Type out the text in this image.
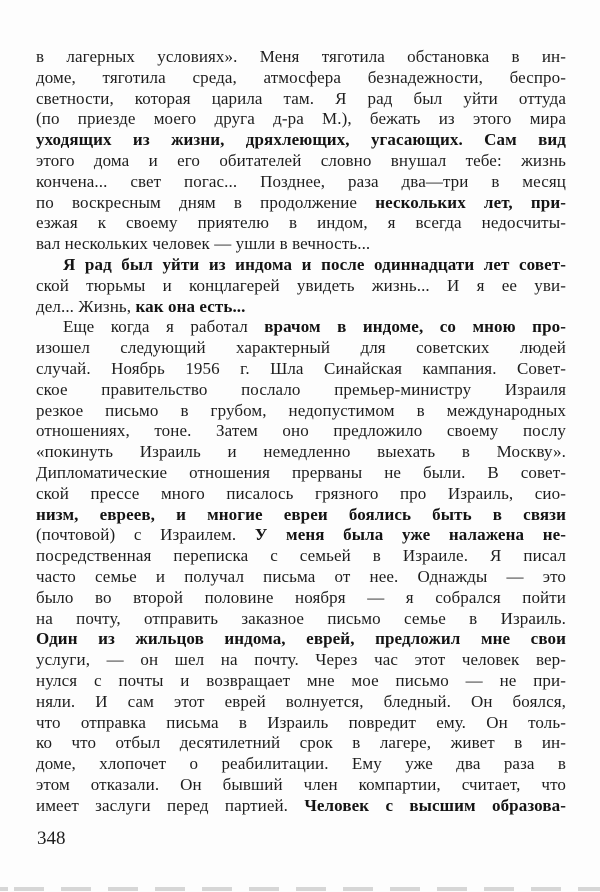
в лагерных условиях». Меня тяготила обстановка в ин-
доме, тяготила среда, атмосфера безнадежности, беспро-
светности, которая царила там. Я рад был уйти оттуда
(по приезде моего друга д-ра М.), бежать из этого мира
уходящих из жизни, дряхлеющих, угасающих. Сам вид
этого дома и его обитателей словно внушал тебе: жизнь
кончена... свет погас... Позднее, раза два—три в месяц
по воскресным дням в продолжение нескольких лет, при-
езжая к своему приятелю в индом, я всегда недосчиты-
вал нескольких человек — ушли в вечность...
Я рад был уйти из индома и после одиннадцати лет совет-
ской тюрьмы и концлагерей увидеть жизнь... И я ее уви-
дел... Жизнь, как она есть...
Еще когда я работал врачом в индоме, со мною про-
изошел следующий характерный для советских людей
случай. Ноябрь 1956 г. Шла Синайская кампания. Совет-
ское правительство послало премьер-министру Израиля
резкое письмо в грубом, недопустимом в международных
отношениях, тоне. Затем оно предложило своему послу
«покинуть Израиль и немедленно выехать в Москву».
Дипломатические отношения прерваны не были. В совет-
ской прессе много писалось грязного про Израиль, сио-
низм, евреев, и многие евреи боялись быть в связи
(почтовой) с Израилем. У меня была уже налажена не-
посредственная переписка с семьей в Израиле. Я писал
часто семье и получал письма от нее. Однажды — это
было во второй половине ноября — я собрался пойти
на почту, отправить заказное письмо семье в Израиль.
Один из жильцов индома, еврей, предложил мне свои
услуги, — он шел на почту. Через час этот человек вер-
нулся с почты и возвращает мне мое письмо — не при-
няли. И сам этот еврей волнуется, бледный. Он боялся,
что отправка письма в Израиль повредит ему. Он толь-
ко что отбыл десятилетний срок в лагере, живет в ин-
доме, хлопочет о реабилитации. Ему уже два раза в
этом отказали. Он бывший член компартии, считает, что
имеет заслуги перед партией. Человек с высшим образова-
348
